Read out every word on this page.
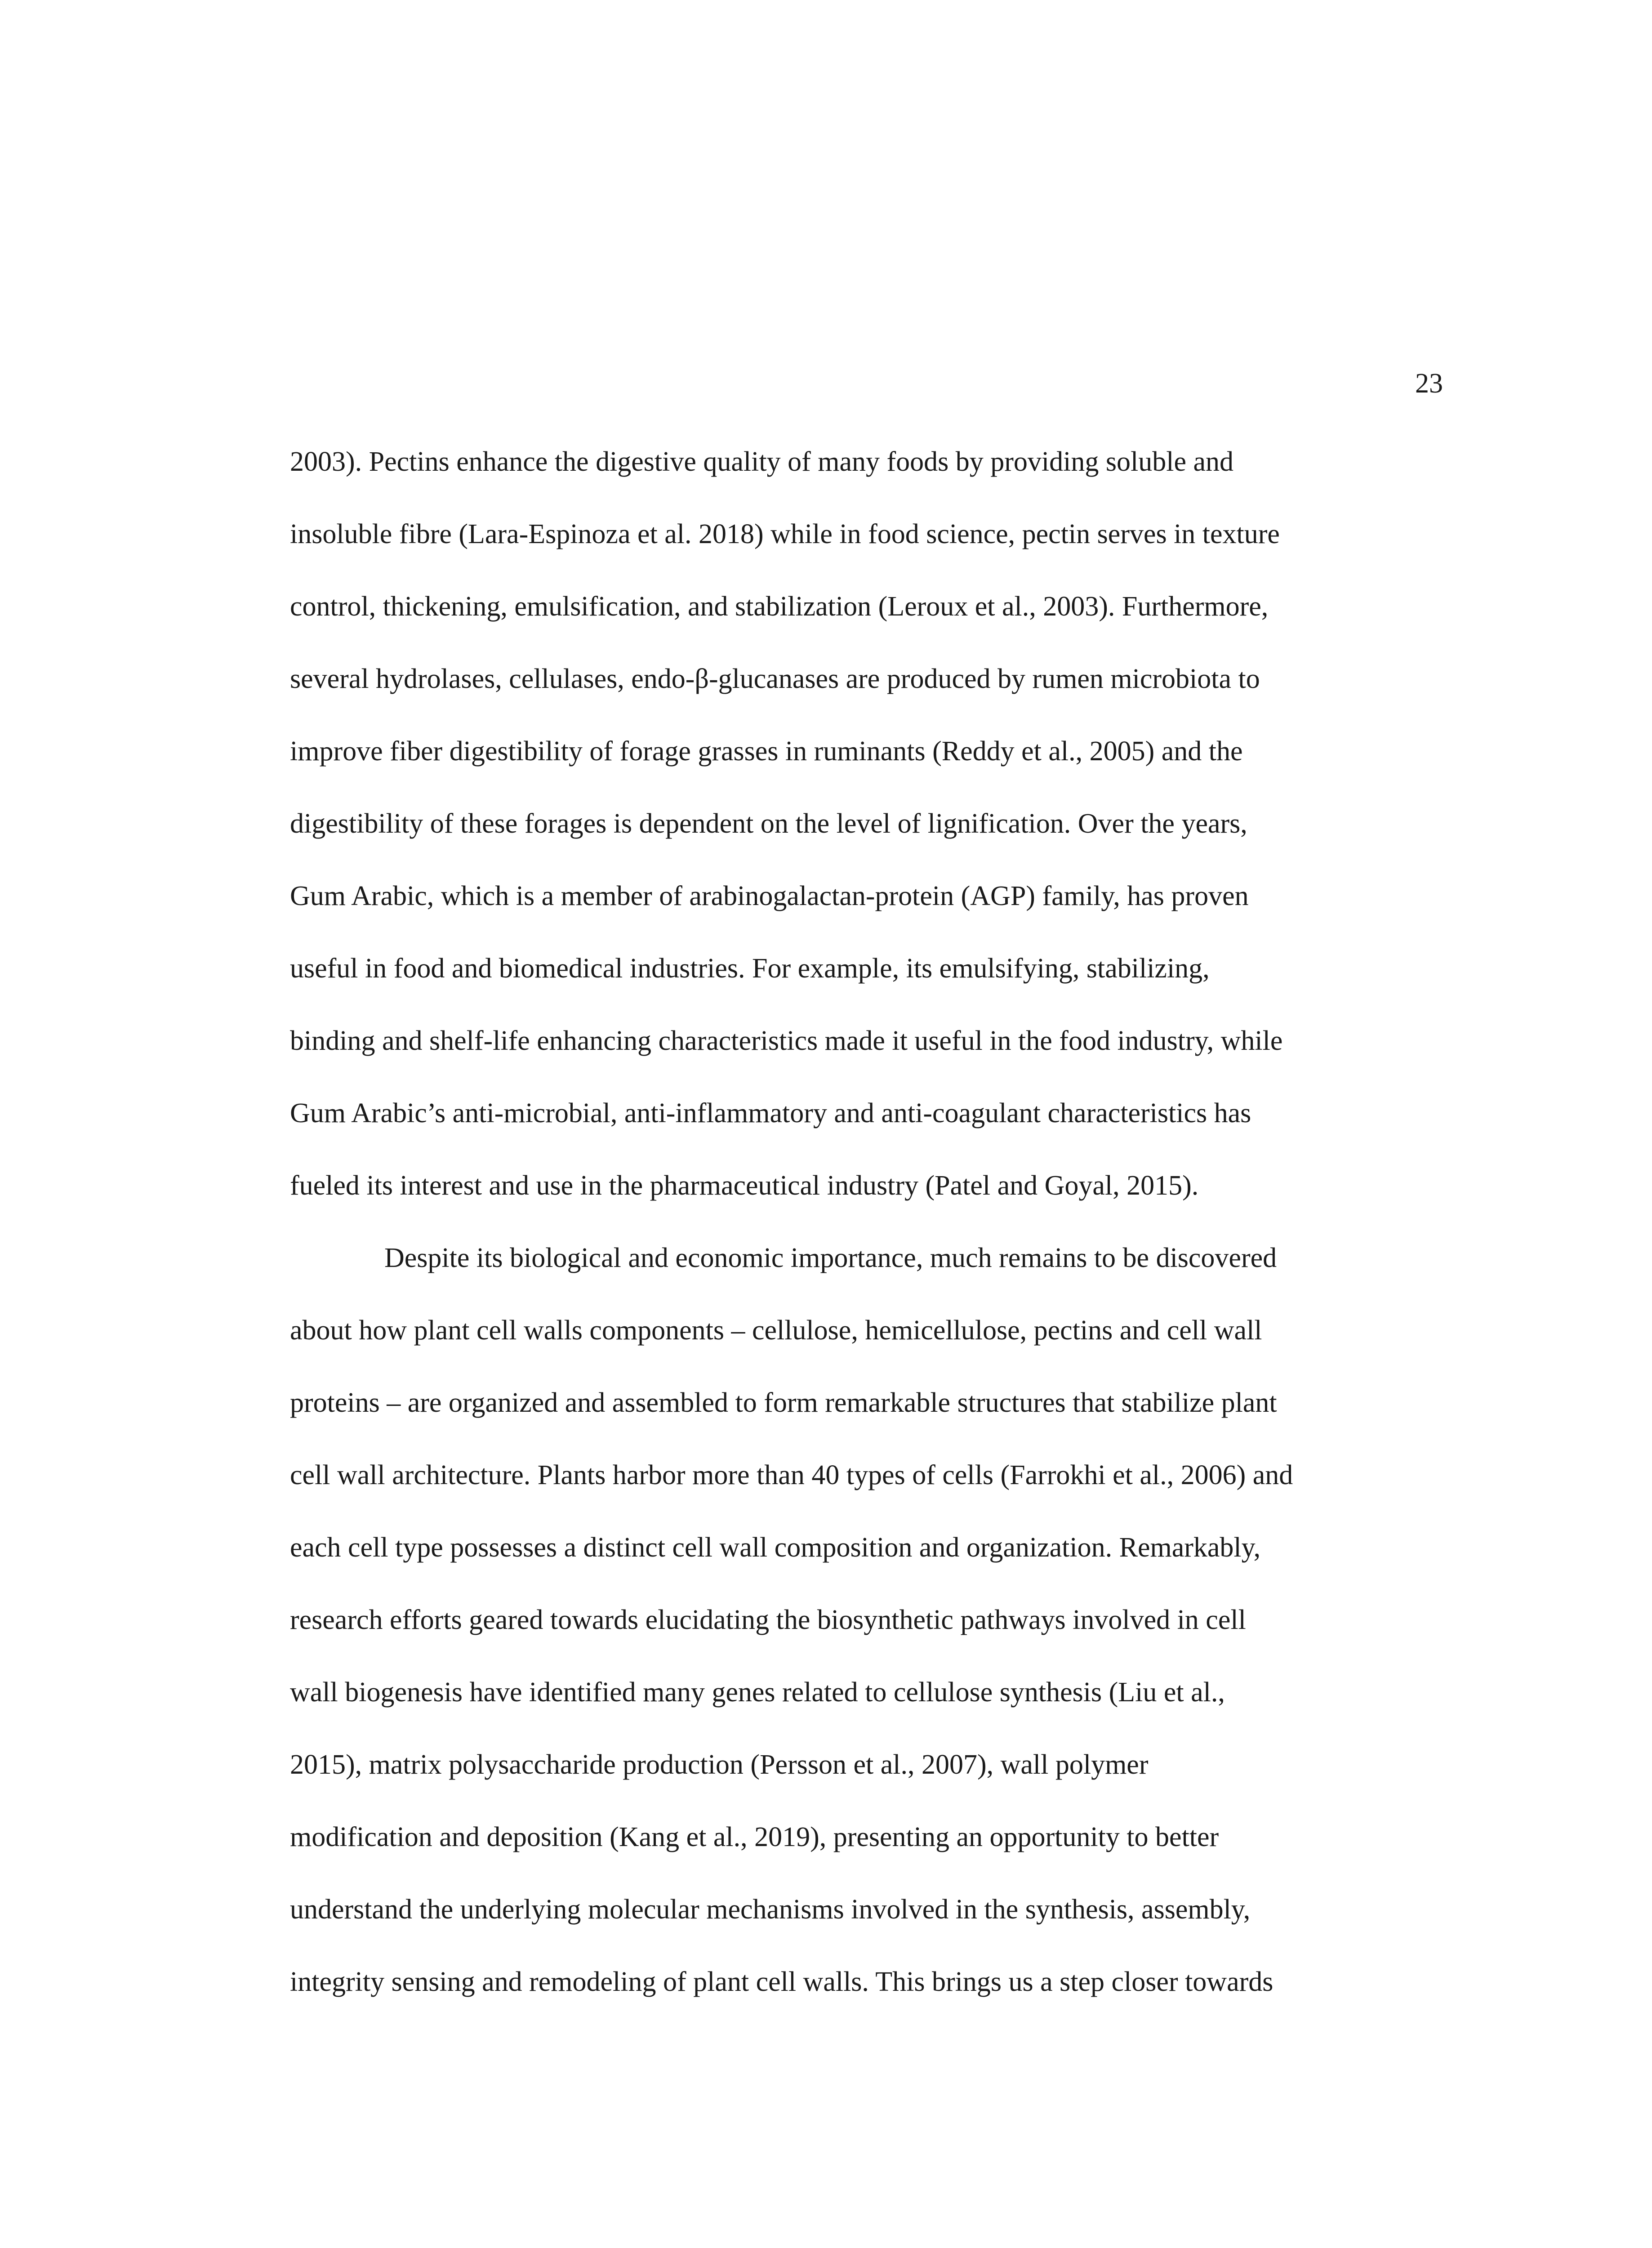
23
2003). Pectins enhance the digestive quality of many foods by providing soluble and
insoluble fibre (Lara-Espinoza et al. 2018) while in food science, pectin serves in texture
control, thickening, emulsification, and stabilization (Leroux et al., 2003). Furthermore,
several hydrolases, cellulases, endo-β-glucanases are produced by rumen microbiota to
improve fiber digestibility of forage grasses in ruminants (Reddy et al., 2005) and the
digestibility of these forages is dependent on the level of lignification. Over the years,
Gum Arabic, which is a member of arabinogalactan-protein (AGP) family, has proven
useful in food and biomedical industries. For example, its emulsifying, stabilizing,
binding and shelf-life enhancing characteristics made it useful in the food industry, while
Gum Arabic’s anti-microbial, anti-inflammatory and anti-coagulant characteristics has
fueled its interest and use in the pharmaceutical industry (Patel and Goyal, 2015).
Despite its biological and economic importance, much remains to be discovered
about how plant cell walls components – cellulose, hemicellulose, pectins and cell wall
proteins – are organized and assembled to form remarkable structures that stabilize plant
cell wall architecture. Plants harbor more than 40 types of cells (Farrokhi et al., 2006) and
each cell type possesses a distinct cell wall composition and organization. Remarkably,
research efforts geared towards elucidating the biosynthetic pathways involved in cell
wall biogenesis have identified many genes related to cellulose synthesis (Liu et al.,
2015), matrix polysaccharide production (Persson et al., 2007), wall polymer
modification and deposition (Kang et al., 2019), presenting an opportunity to better
understand the underlying molecular mechanisms involved in the synthesis, assembly,
integrity sensing and remodeling of plant cell walls. This brings us a step closer towards
